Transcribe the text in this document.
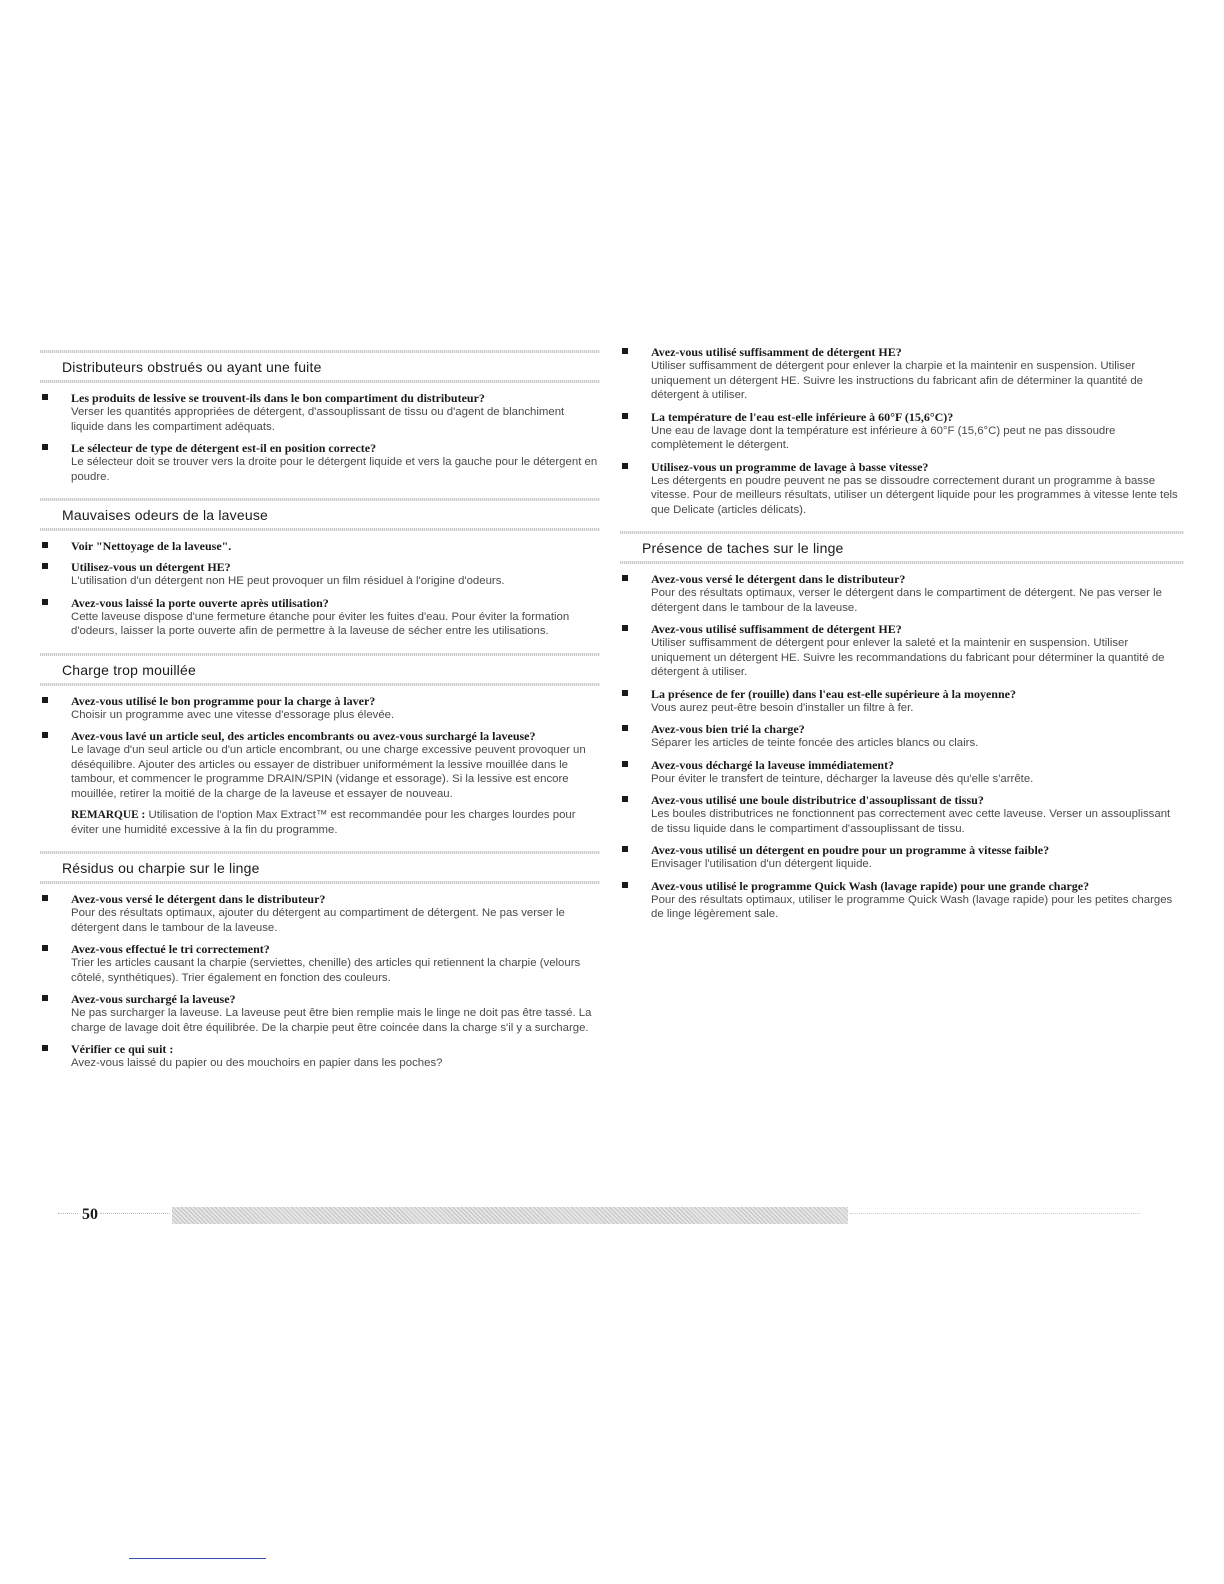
Distributeurs obstrués ou ayant une fuite
Les produits de lessive se trouvent-ils dans le bon compartiment du distributeur?
Verser les quantités appropriées de détergent, d'assouplissant de tissu ou d'agent de blanchiment liquide dans les compartiment adéquats.
Le sélecteur de type de détergent est-il en position correcte?
Le sélecteur doit se trouver vers la droite pour le détergent liquide et vers la gauche pour le détergent en poudre.
Mauvaises odeurs de la laveuse
Voir "Nettoyage de la laveuse".
Utilisez-vous un détergent HE?
L'utilisation d'un détergent non HE peut provoquer un film résiduel à l'origine d'odeurs.
Avez-vous laissé la porte ouverte après utilisation?
Cette laveuse dispose d'une fermeture étanche pour éviter les fuites d'eau. Pour éviter la formation d'odeurs, laisser la porte ouverte afin de permettre à la laveuse de sécher entre les utilisations.
Charge trop mouillée
Avez-vous utilisé le bon programme pour la charge à laver?
Choisir un programme avec une vitesse d'essorage plus élevée.
Avez-vous lavé un article seul, des articles encombrants ou avez-vous surchargé la laveuse?
Le lavage d'un seul article ou d'un article encombrant, ou une charge excessive peuvent provoquer un déséquilibre. Ajouter des articles ou essayer de distribuer uniformément la lessive mouillée dans le tambour, et commencer le programme DRAIN/SPIN (vidange et essorage). Si la lessive est encore mouillée, retirer la moitié de la charge de la laveuse et essayer de nouveau.
REMARQUE : Utilisation de l'option Max Extract™ est recommandée pour les charges lourdes pour éviter une humidité excessive à la fin du programme.
Résidus ou charpie sur le linge
Avez-vous versé le détergent dans le distributeur?
Pour des résultats optimaux, ajouter du détergent au compartiment de détergent. Ne pas verser le détergent dans le tambour de la laveuse.
Avez-vous effectué le tri correctement?
Trier les articles causant la charpie (serviettes, chenille) des articles qui retiennent la charpie (velours côtelé, synthétiques). Trier également en fonction des couleurs.
Avez-vous surchargé la laveuse?
Ne pas surcharger la laveuse. La laveuse peut être bien remplie mais le linge ne doit pas être tassé. La charge de lavage doit être équilibrée. De la charpie peut être coincée dans la charge s'il y a surcharge.
Vérifier ce qui suit :
Avez-vous laissé du papier ou des mouchoirs en papier dans les poches?
Avez-vous utilisé suffisamment de détergent HE?
Utiliser suffisamment de détergent pour enlever la charpie et la maintenir en suspension. Utiliser uniquement un détergent HE. Suivre les instructions du fabricant afin de déterminer la quantité de détergent à utiliser.
La température de l'eau est-elle inférieure à 60°F (15,6°C)?
Une eau de lavage dont la température est inférieure à 60°F (15,6°C) peut ne pas dissoudre complètement le détergent.
Utilisez-vous un programme de lavage à basse vitesse?
Les détergents en poudre peuvent ne pas se dissoudre correctement durant un programme à basse vitesse. Pour de meilleurs résultats, utiliser un détergent liquide pour les programmes à vitesse lente tels que Delicate (articles délicats).
Présence de taches sur le linge
Avez-vous versé le détergent dans le distributeur?
Pour des résultats optimaux, verser le détergent dans le compartiment de détergent. Ne pas verser le détergent dans le tambour de la laveuse.
Avez-vous utilisé suffisamment de détergent HE?
Utiliser suffisamment de détergent pour enlever la saleté et la maintenir en suspension. Utiliser uniquement un détergent HE. Suivre les recommandations du fabricant pour déterminer la quantité de détergent à utiliser.
La présence de fer (rouille) dans l'eau est-elle supérieure à la moyenne?
Vous aurez peut-être besoin d'installer un filtre à fer.
Avez-vous bien trié la charge?
Séparer les articles de teinte foncée des articles blancs ou clairs.
Avez-vous déchargé la laveuse immédiatement?
Pour éviter le transfert de teinture, décharger la laveuse dès qu'elle s'arrête.
Avez-vous utilisé une boule distributrice d'assouplissant de tissu?
Les boules distributrices ne fonctionnent pas correctement avec cette laveuse. Verser un assouplissant de tissu liquide dans le compartiment d'assouplissant de tissu.
Avez-vous utilisé un détergent en poudre pour un programme à vitesse faible?
Envisager l'utilisation d'un détergent liquide.
Avez-vous utilisé le programme Quick Wash (lavage rapide) pour une grande charge?
Pour des résultats optimaux, utiliser le programme Quick Wash (lavage rapide) pour les petites charges de linge légèrement sale.
50
